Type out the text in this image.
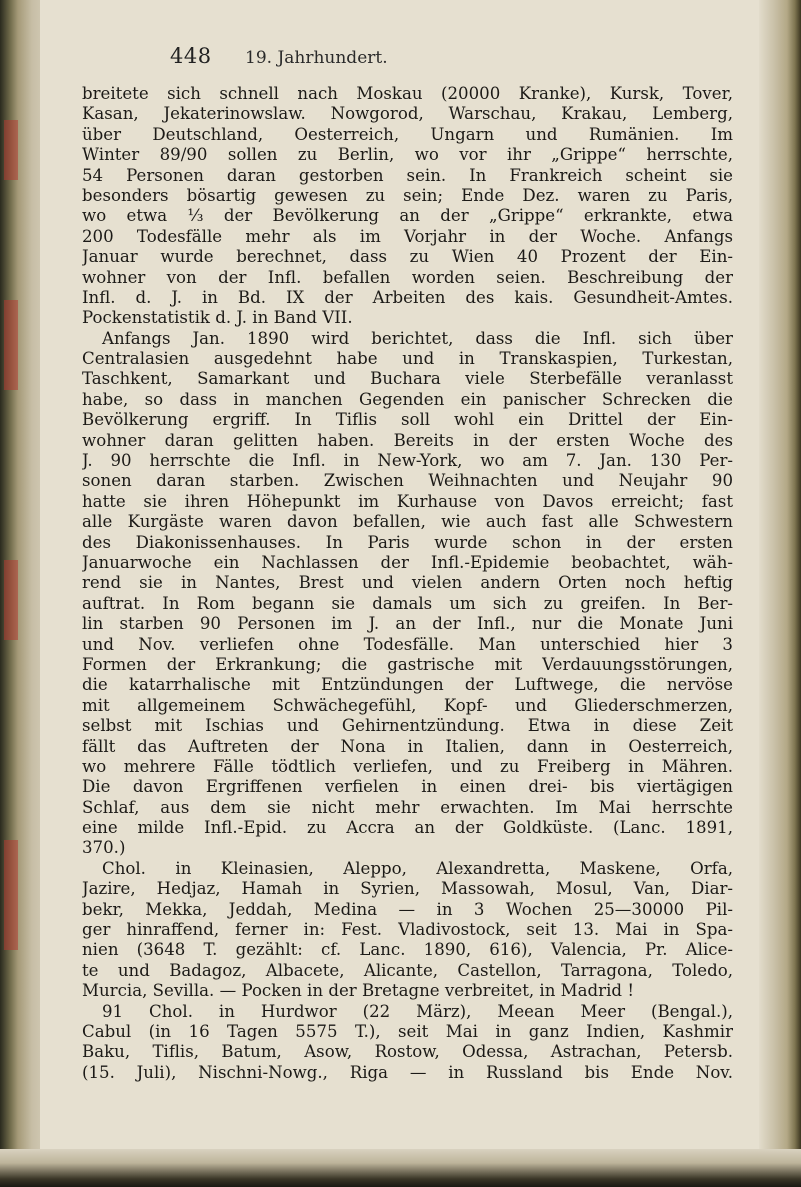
448 19. Jahrhundert.
breitete sich schnell nach Moskau (20000 Kranke), Kursk, Tover,
Kasan, Jekaterinowslaw. Nowgorod, Warschau, Krakau, Lemberg,
über Deutschland, Oesterreich, Ungarn und Rumänien. Im
Winter 89/90 sollen zu Berlin, wo vor ihr „Grippe“ herrschte,
54 Personen daran gestorben sein. In Frankreich scheint sie
besonders bösartig gewesen zu sein; Ende Dez. waren zu Paris,
wo etwa ⅓ der Bevölkerung an der „Grippe“ erkrankte, etwa
200 Todesfälle mehr als im Vorjahr in der Woche. Anfangs
Januar wurde berechnet, dass zu Wien 40 Prozent der Ein-
wohner von der Infl. befallen worden seien. Beschreibung der
Infl. d. J. in Bd. IX der Arbeiten des kais. Gesundheit-Amtes.
Pockenstatistik d. J. in Band VII.
Anfangs Jan. 1890 wird berichtet, dass die Infl. sich über
Centralasien ausgedehnt habe und in Transkaspien, Turkestan,
Taschkent, Samarkant und Buchara viele Sterbefälle veranlasst
habe, so dass in manchen Gegenden ein panischer Schrecken die
Bevölkerung ergriff. In Tiflis soll wohl ein Drittel der Ein-
wohner daran gelitten haben. Bereits in der ersten Woche des
J. 90 herrschte die Infl. in New-York, wo am 7. Jan. 130 Per-
sonen daran starben. Zwischen Weihnachten und Neujahr 90
hatte sie ihren Höhepunkt im Kurhause von Davos erreicht; fast
alle Kurgäste waren davon befallen, wie auch fast alle Schwestern
des Diakonissenhauses. In Paris wurde schon in der ersten
Januarwoche ein Nachlassen der Infl.-Epidemie beobachtet, wäh-
rend sie in Nantes, Brest und vielen andern Orten noch heftig
auftrat. In Rom begann sie damals um sich zu greifen. In Ber-
lin starben 90 Personen im J. an der Infl., nur die Monate Juni
und Nov. verliefen ohne Todesfälle. Man unterschied hier 3
Formen der Erkrankung; die gastrische mit Verdauungsstörungen,
die katarrhalische mit Entzündungen der Luftwege, die nervöse
mit allgemeinem Schwächegefühl, Kopf- und Gliederschmerzen,
selbst mit Ischias und Gehirnentzündung. Etwa in diese Zeit
fällt das Auftreten der Nona in Italien, dann in Oesterreich,
wo mehrere Fälle tödtlich verliefen, und zu Freiberg in Mähren.
Die davon Ergriffenen verfielen in einen drei- bis viertägigen
Schlaf, aus dem sie nicht mehr erwachten. Im Mai herrschte
eine milde Infl.-Epid. zu Accra an der Goldküste. (Lanc. 1891,
370.)
Chol. in Kleinasien, Aleppo, Alexandretta, Maskene, Orfa,
Jazire, Hedjaz, Hamah in Syrien, Massowah, Mosul, Van, Diar-
bekr, Mekka, Jeddah, Medina — in 3 Wochen 25—30000 Pil-
ger hinraffend, ferner in: Fest. Vladivostock, seit 13. Mai in Spa-
nien (3648 T. gezählt: cf. Lanc. 1890, 616), Valencia, Pr. Alice-
te und Badagoz, Albacete, Alicante, Castellon, Tarragona, Toledo,
Murcia, Sevilla. — Pocken in der Bretagne verbreitet, in Madrid !
91 Chol. in Hurdwor (22 März), Meean Meer (Bengal.),
Cabul (in 16 Tagen 5575 T.), seit Mai in ganz Indien, Kashmir
Baku, Tiflis, Batum, Asow, Rostow, Odessa, Astrachan, Petersb.
(15. Juli), Nischni-Nowg., Riga — in Russland bis Ende Nov.
